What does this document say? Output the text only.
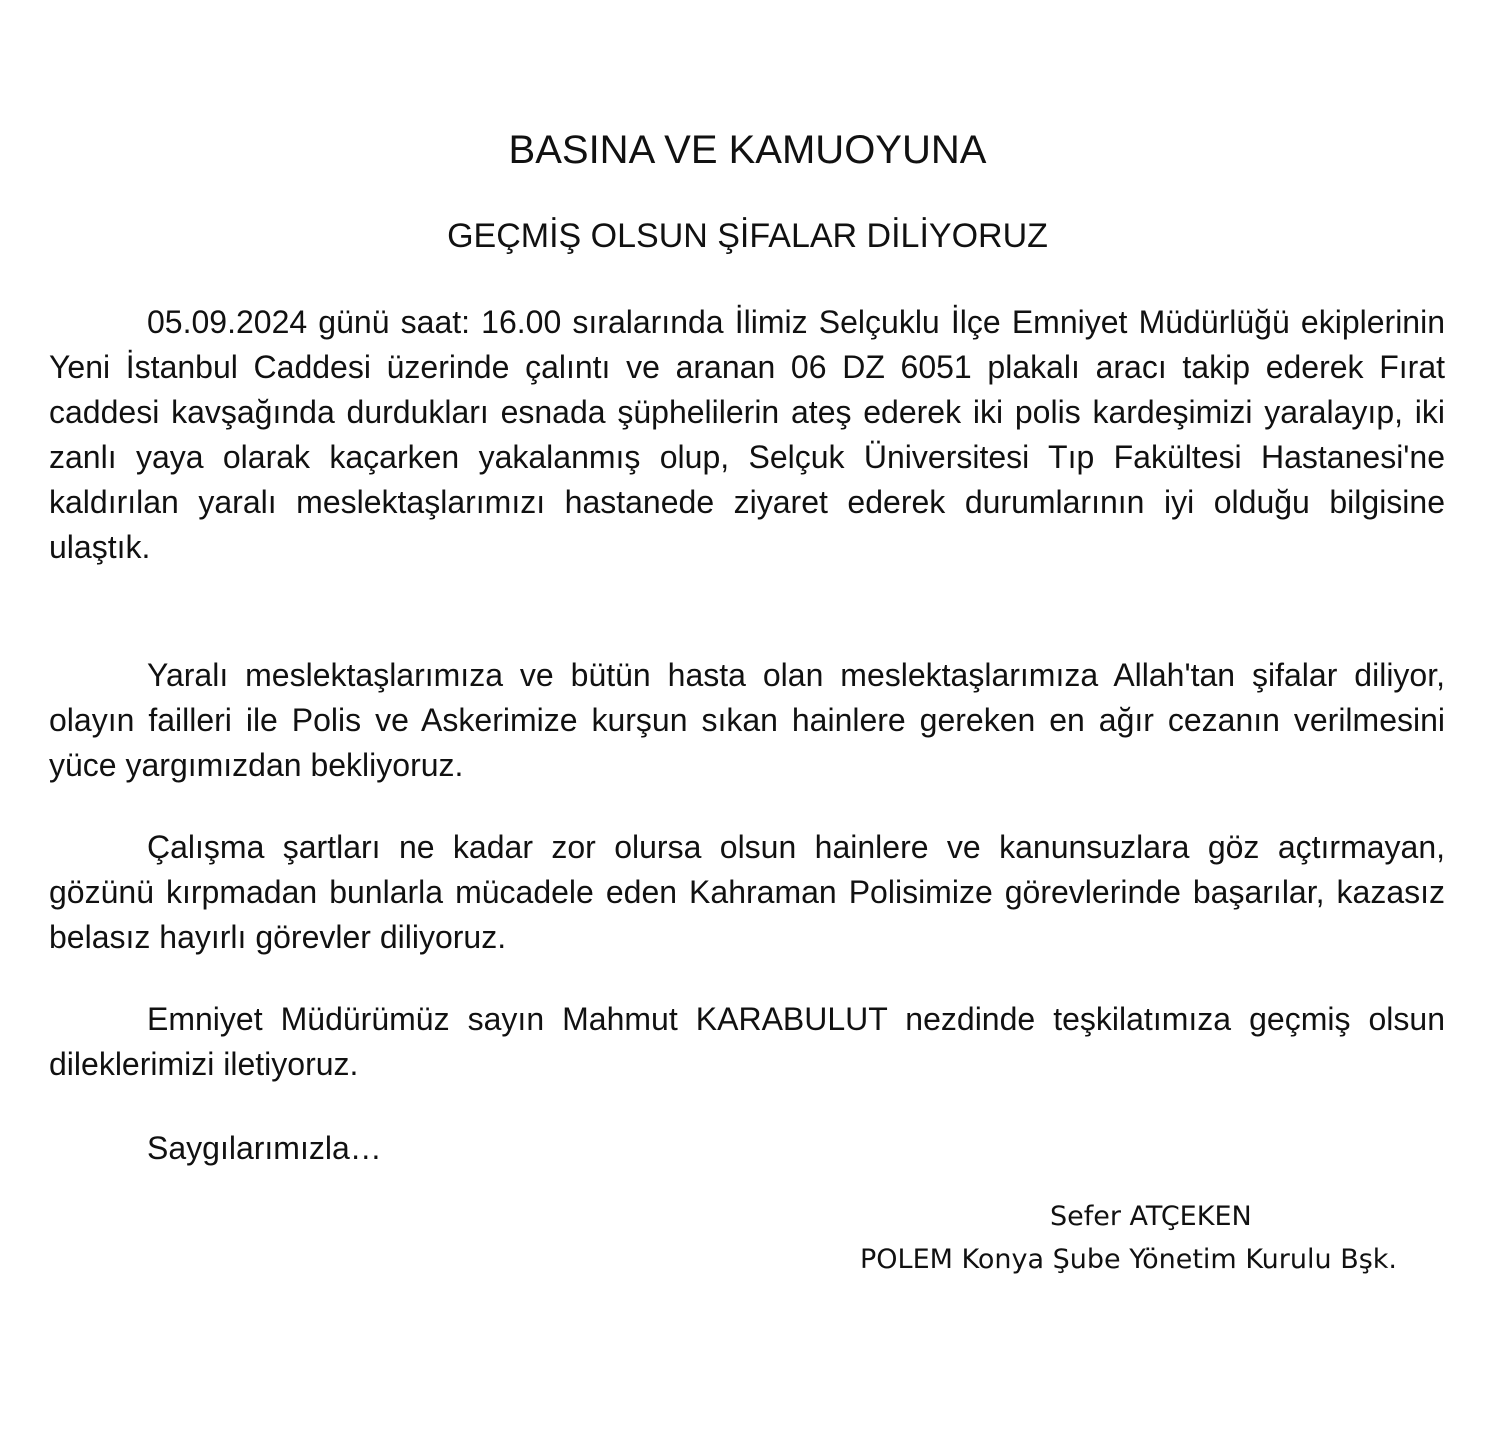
BASINA VE KAMUOYUNA
GEÇMİŞ OLSUN ŞİFALAR DİLİYORUZ

05.09.2024 günü saat: 16.00 sıralarında İlimiz Selçuklu İlçe Emniyet Müdürlüğü ekiplerinin Yeni İstanbul Caddesi üzerinde çalıntı ve aranan 06 DZ 6051 plakalı aracı takip ederek Fırat caddesi kavşağında durdukları esnada şüphelilerin ateş ederek iki polis kardeşimizi yaralayıp, iki zanlı yaya olarak kaçarken yakalanmış olup, Selçuk Üniversitesi Tıp Fakültesi Hastanesi'ne kaldırılan yaralı meslektaşlarımızı hastanede ziyaret ederek durumlarının iyi olduğu bilgisine ulaştık.

Yaralı meslektaşlarımıza ve bütün hasta olan meslektaşlarımıza Allah'tan şifalar diliyor, olayın failleri ile Polis ve Askerimize kurşun sıkan hainlere gereken en ağır cezanın verilmesini yüce yargımızdan bekliyoruz.

Çalışma şartları ne kadar zor olursa olsun hainlere ve kanunsuzlara göz açtırmayan, gözünü kırpmadan bunlarla mücadele eden Kahraman Polisimize görevlerinde başarılar, kazasız belasız hayırlı görevler diliyoruz.

Emniyet Müdürümüz sayın Mahmut KARABULUT nezdinde teşkilatımıza geçmiş olsun dileklerimizi iletiyoruz.

Saygılarımızla…

Sefer ATÇEKEN

POLEM Konya Şube Yönetim Kurulu Bşk.
